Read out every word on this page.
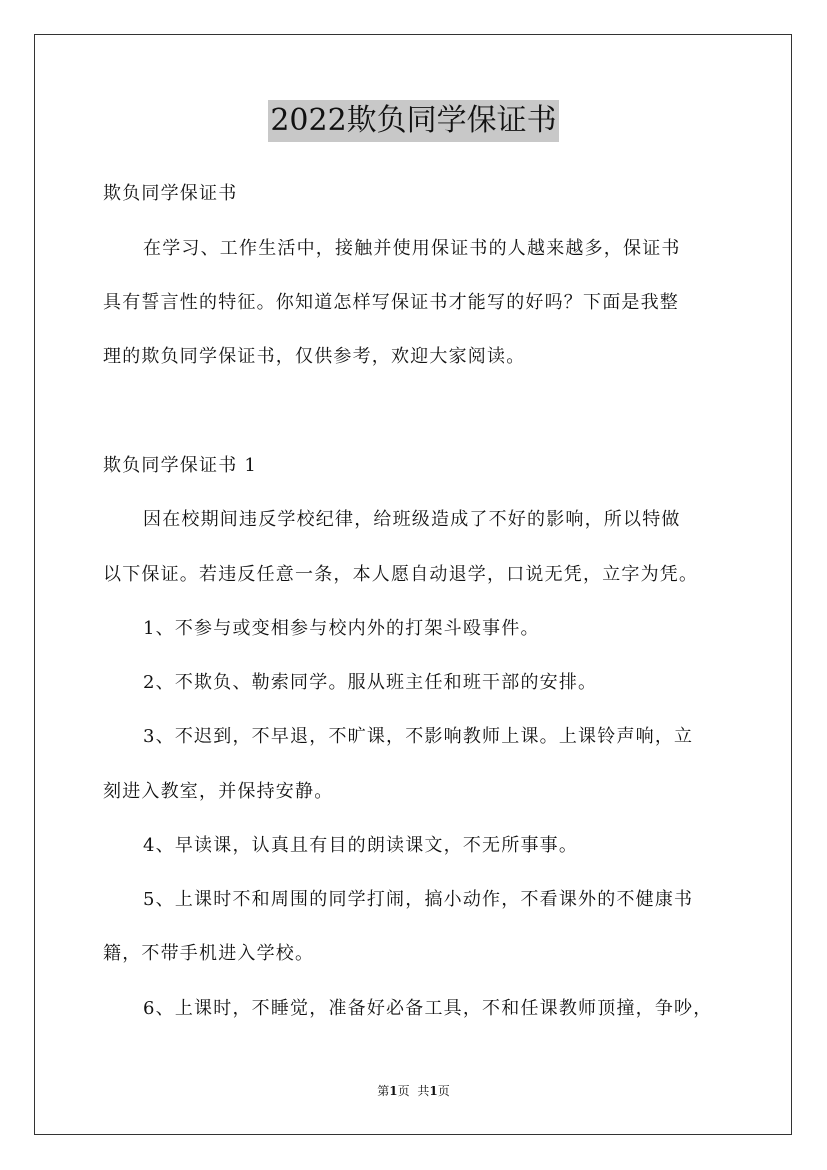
2022欺负同学保证书
欺负同学保证书
在学习、工作生活中，接触并使用保证书的人越来越多，保证书
具有誓言性的特征。你知道怎样写保证书才能写的好吗？下面是我整
理的欺负同学保证书，仅供参考，欢迎大家阅读。
欺负同学保证书 1
因在校期间违反学校纪律，给班级造成了不好的影响，所以特做
以下保证。若违反任意一条，本人愿自动退学，口说无凭，立字为凭。
1、不参与或变相参与校内外的打架斗殴事件。
2、不欺负、勒索同学。服从班主任和班干部的安排。
3、不迟到，不早退，不旷课，不影响教师上课。上课铃声响，立
刻进入教室，并保持安静。
4、早读课，认真且有目的朗读课文，不无所事事。
5、上课时不和周围的同学打闹，搞小动作，不看课外的不健康书
籍，不带手机进入学校。
6、上课时，不睡觉，准备好必备工具，不和任课教师顶撞，争吵，
第1页 共1页
